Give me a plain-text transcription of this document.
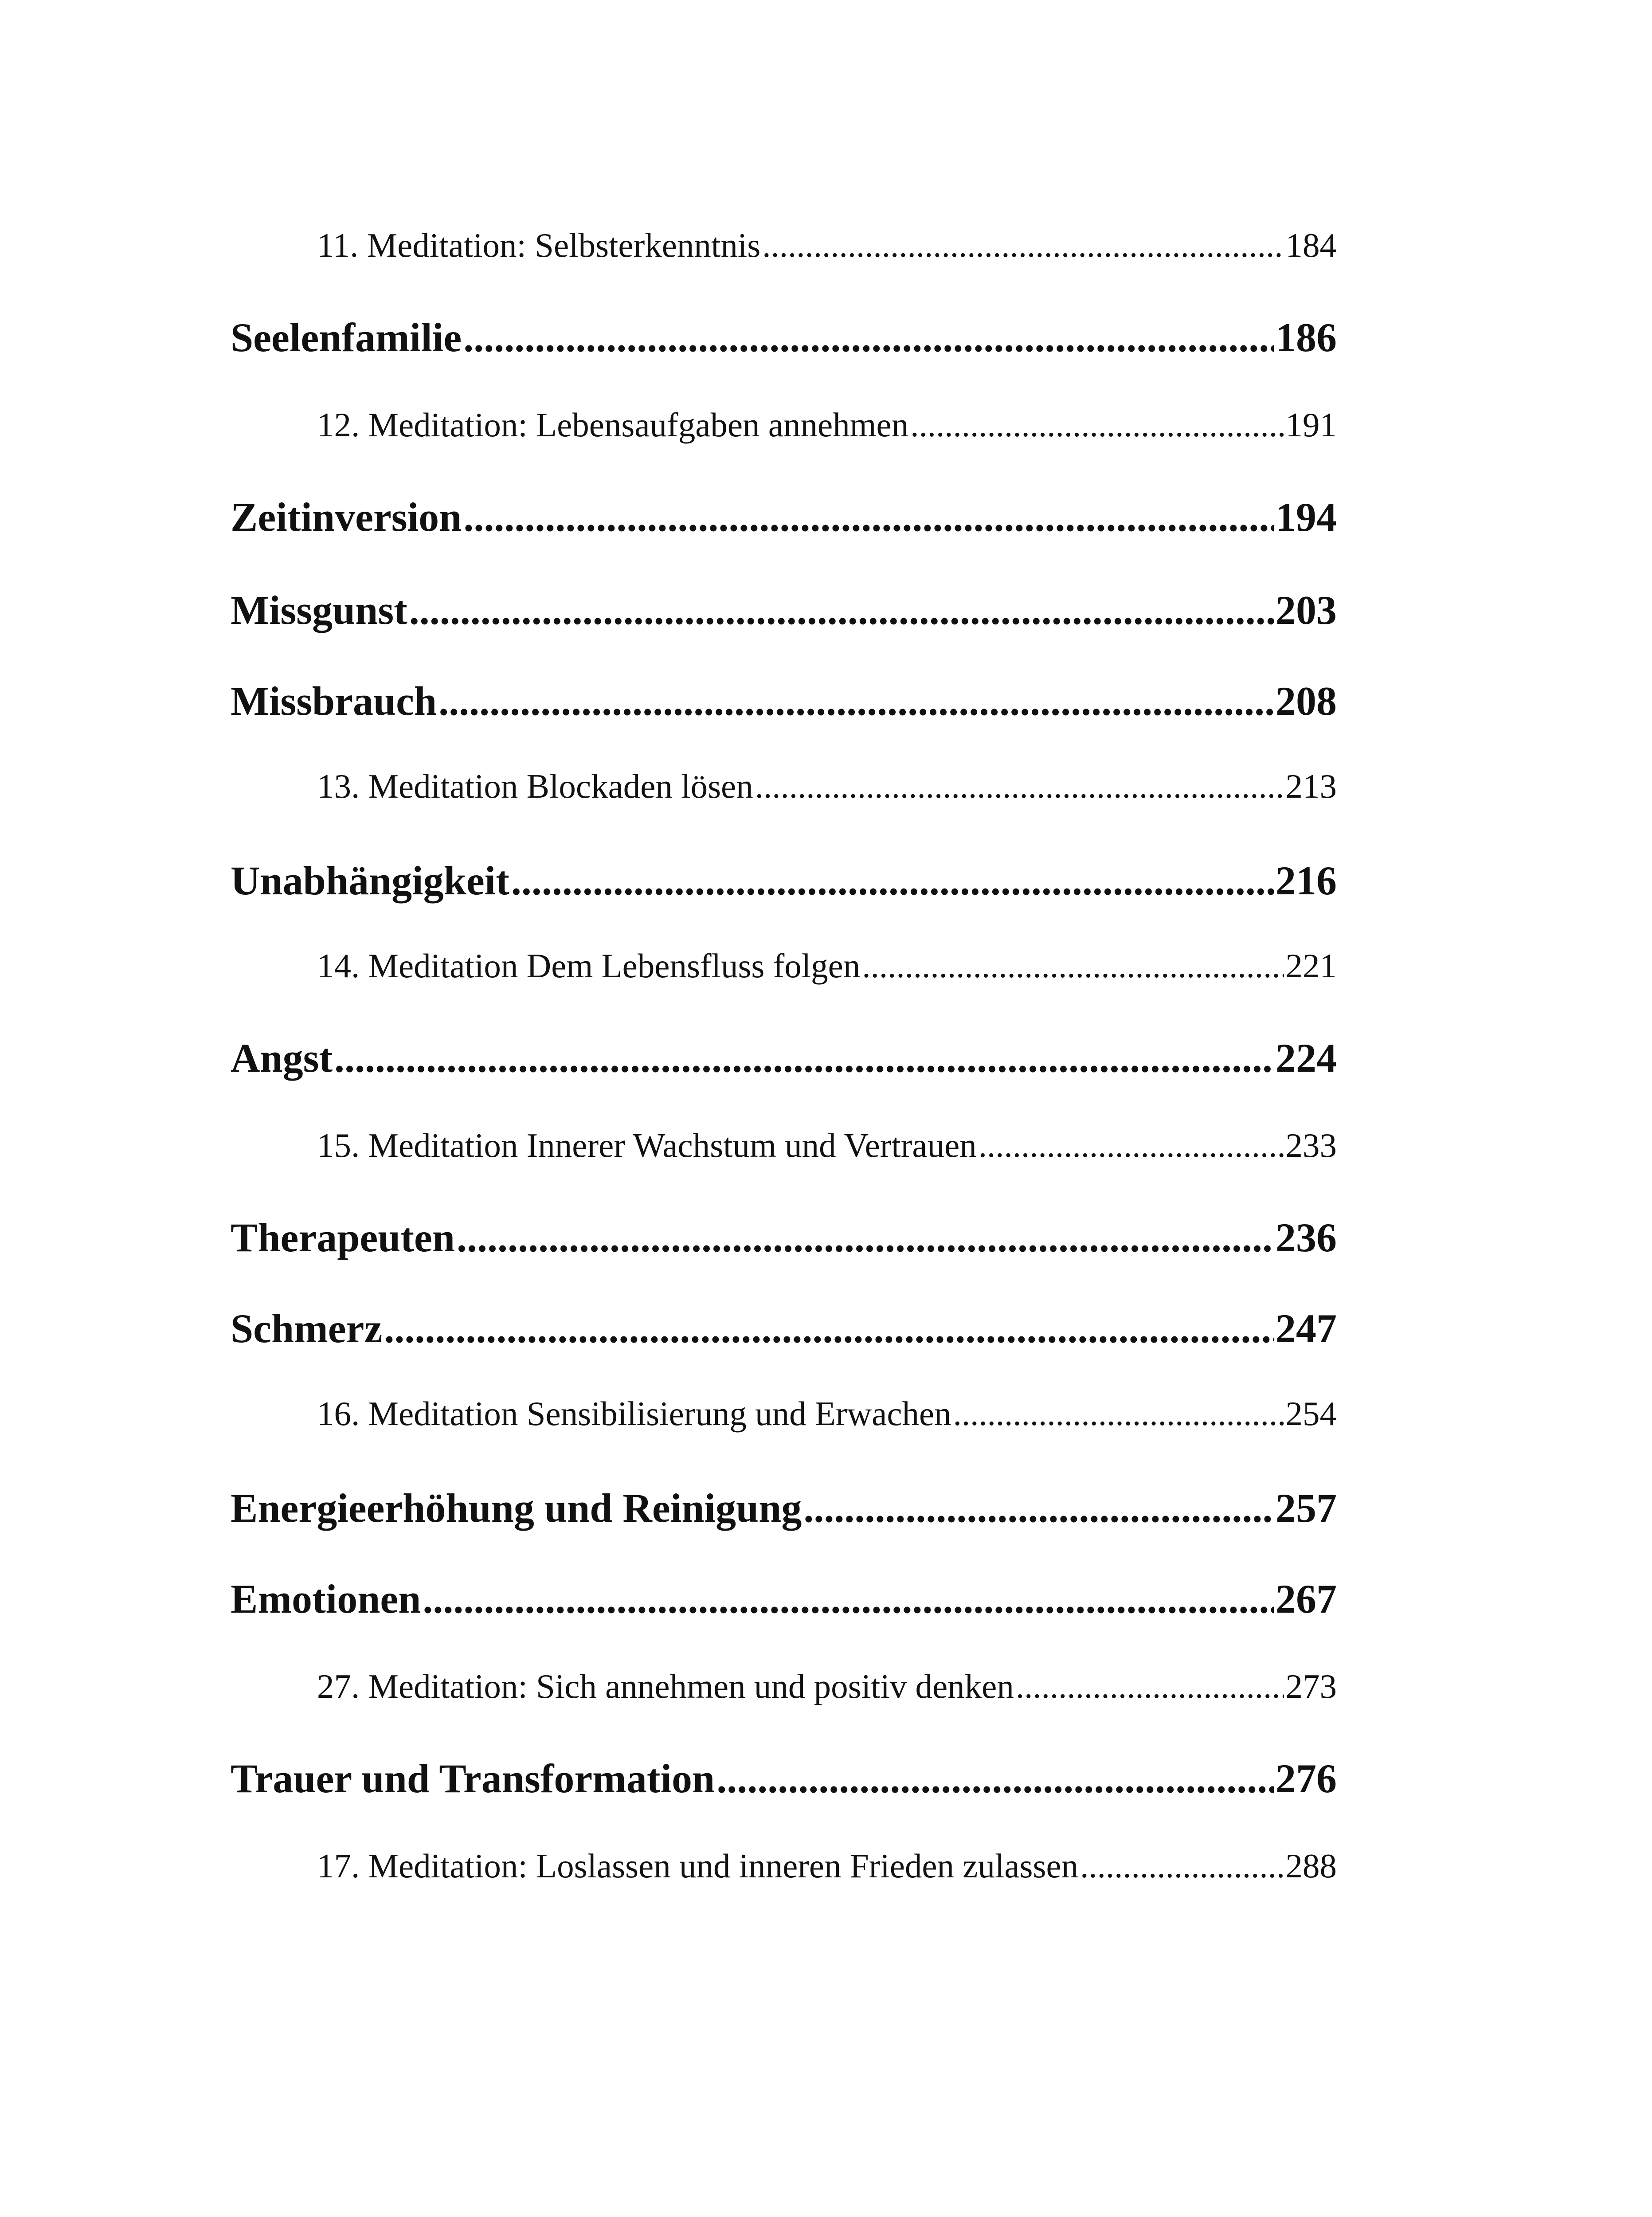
11. Meditation: Selbsterkenntnis .....	184
Seelenfamilie .....	186
12. Meditation: Lebensaufgaben annehmen .....	191
Zeitinversion .....	194
Missgunst .....	203
Missbrauch .....	208
13. Meditation Blockaden lösen .....	213
Unabhängigkeit .....	216
14. Meditation Dem Lebensfluss folgen .....	221
Angst .....	224
15. Meditation Innerer Wachstum und Vertrauen .....	233
Therapeuten .....	236
Schmerz .....	247
16. Meditation Sensibilisierung und Erwachen .....	254
Energieerhöhung und Reinigung .....	257
Emotionen .....	267
27. Meditation: Sich annehmen und positiv denken .....	273
Trauer und Transformation .....	276
17. Meditation: Loslassen und inneren Frieden zulassen .....	288
